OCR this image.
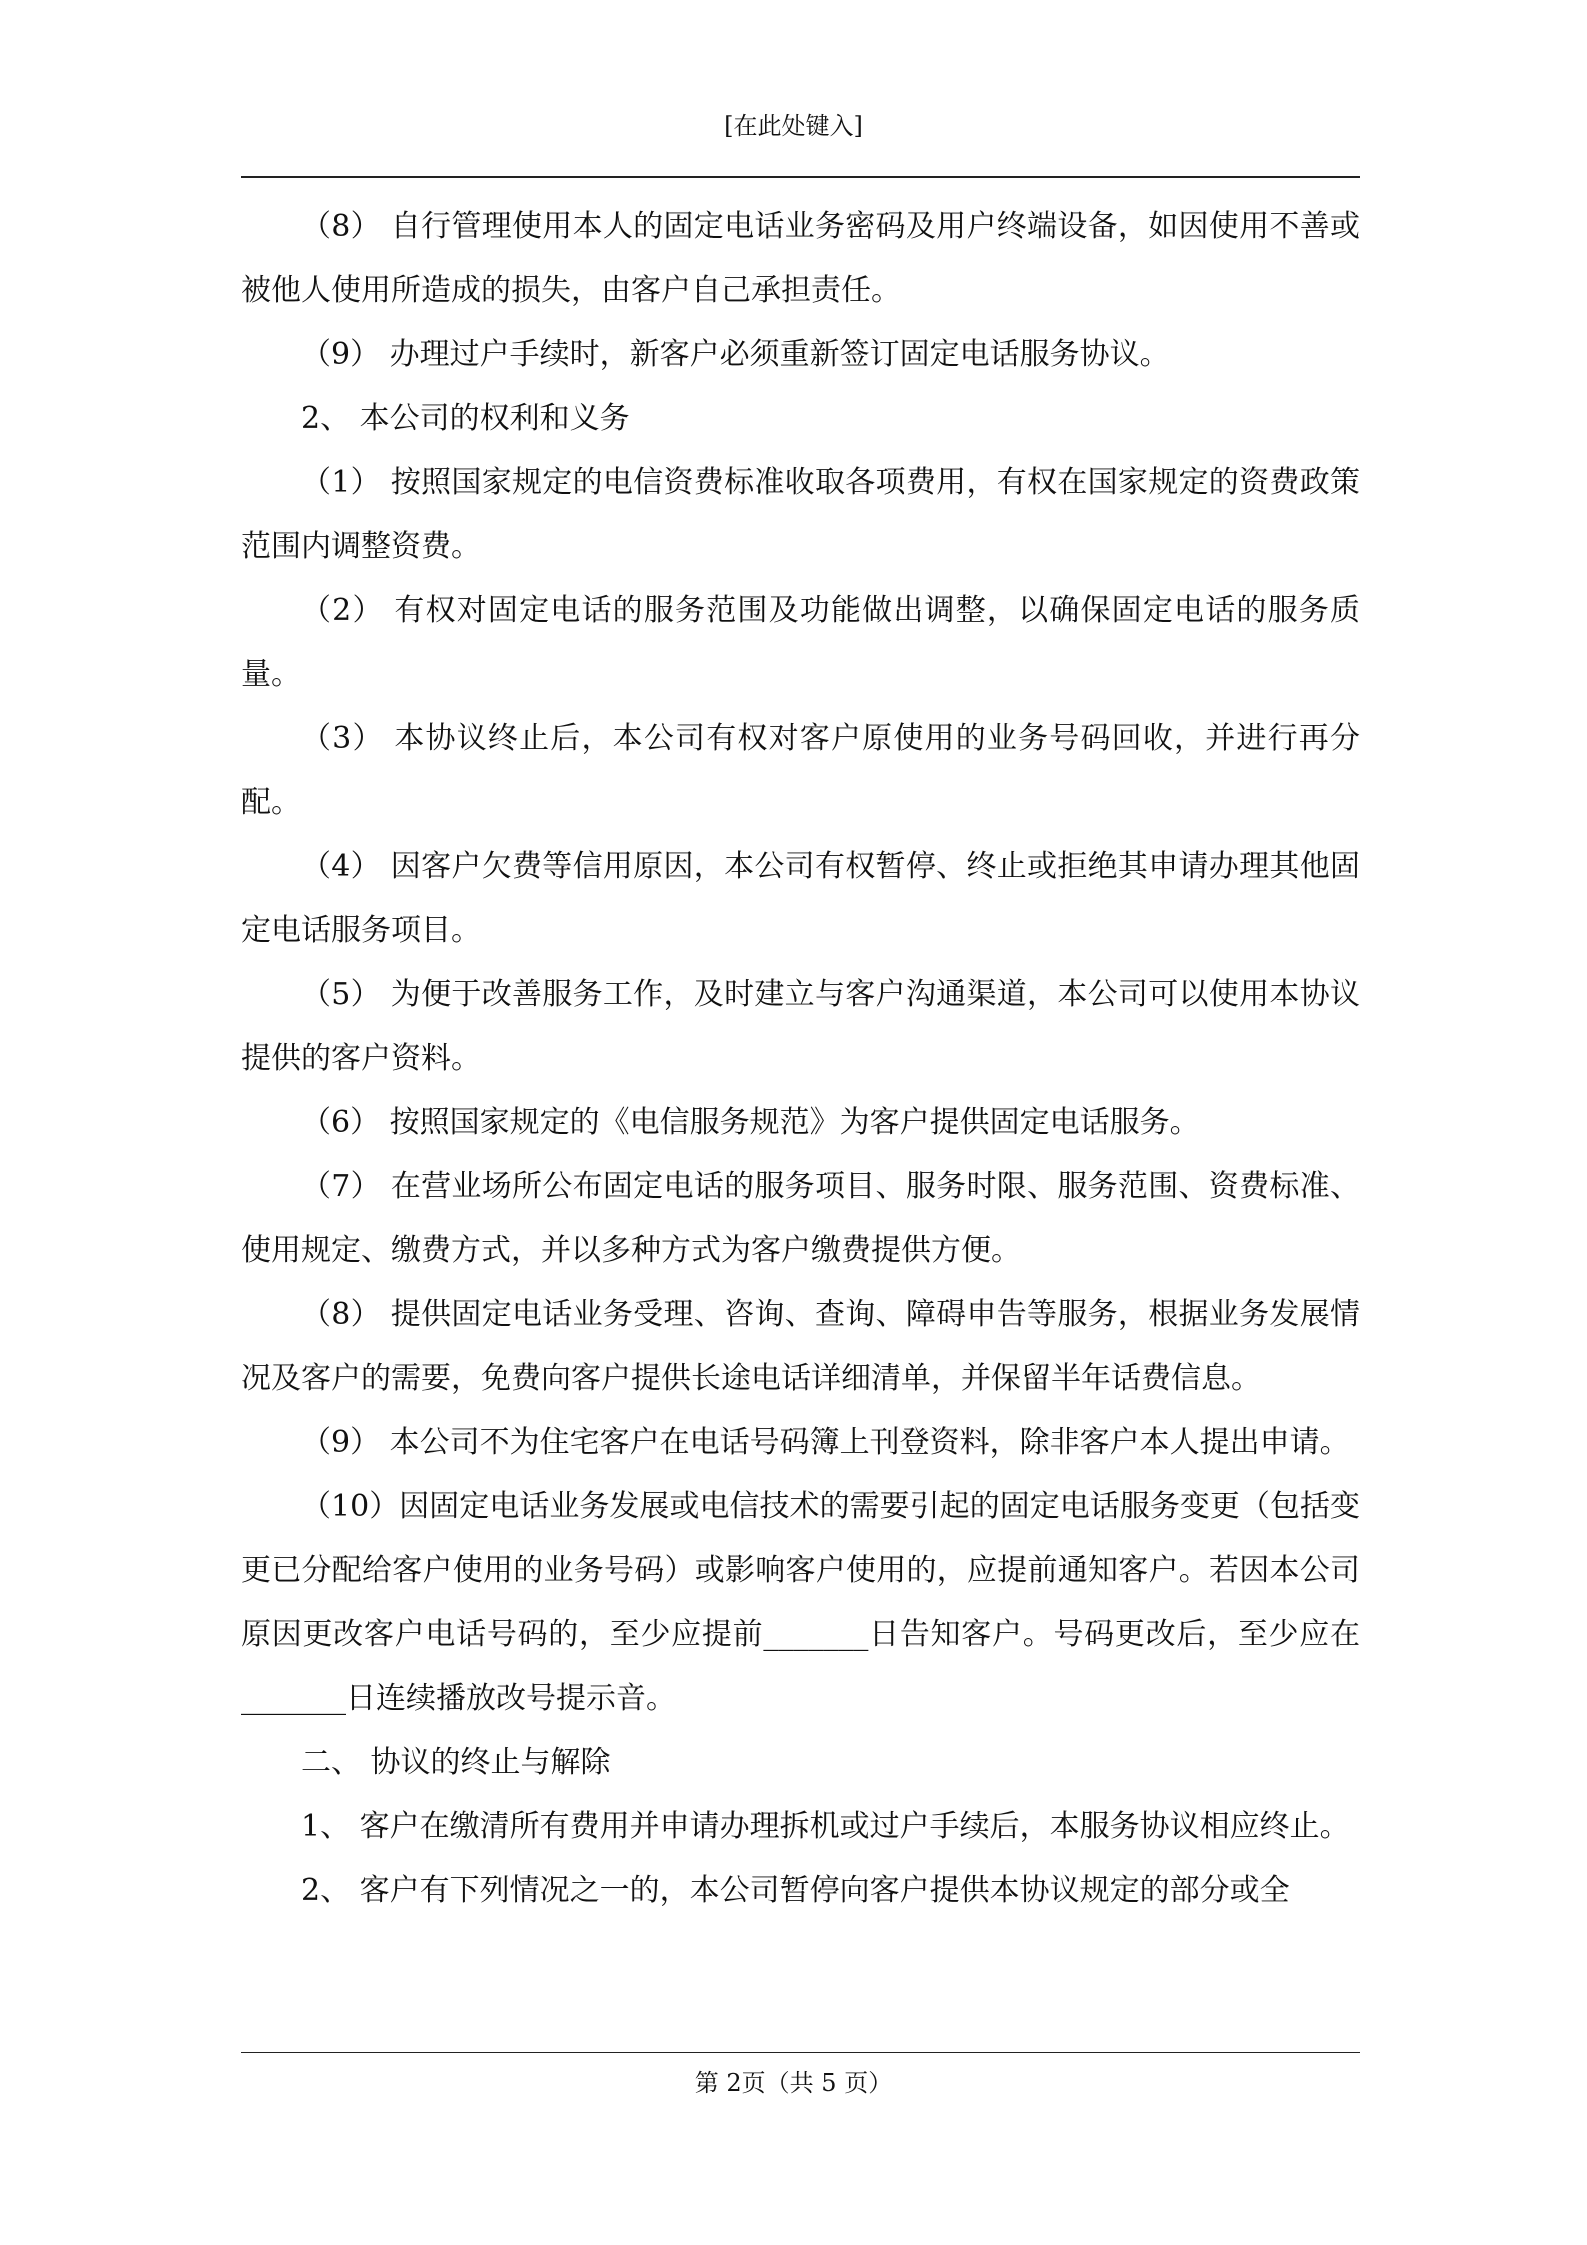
[在此处键入]

（8） 自行管理使用本人的固定电话业务密码及用户终端设备，如因使用不善或被他人使用所造成的损失，由客户自己承担责任。

（9） 办理过户手续时，新客户必须重新签订固定电话服务协议。

2、 本公司的权利和义务

（1） 按照国家规定的电信资费标准收取各项费用，有权在国家规定的资费政策范围内调整资费。

（2） 有权对固定电话的服务范围及功能做出调整，以确保固定电话的服务质量。

（3） 本协议终止后，本公司有权对客户原使用的业务号码回收，并进行再分配。

（4） 因客户欠费等信用原因，本公司有权暂停、终止或拒绝其申请办理其他固定电话服务项目。

（5） 为便于改善服务工作，及时建立与客户沟通渠道，本公司可以使用本协议提供的客户资料。

（6） 按照国家规定的《电信服务规范》为客户提供固定电话服务。

（7） 在营业场所公布固定电话的服务项目、服务时限、服务范围、资费标准、使用规定、缴费方式，并以多种方式为客户缴费提供方便。

（8） 提供固定电话业务受理、咨询、查询、障碍申告等服务，根据业务发展情况及客户的需要，免费向客户提供长途电话详细清单，并保留半年话费信息。

（9） 本公司不为住宅客户在电话号码簿上刊登资料，除非客户本人提出申请。

（10）因固定电话业务发展或电信技术的需要引起的固定电话服务变更（包括变更已分配给客户使用的业务号码）或影响客户使用的，应提前通知客户。若因本公司原因更改客户电话号码的，至少应提前_______日告知客户。号码更改后，至少应在_______日连续播放改号提示音。

二、 协议的终止与解除

1、 客户在缴清所有费用并申请办理拆机或过户手续后，本服务协议相应终止。

2、 客户有下列情况之一的，本公司暂停向客户提供本协议规定的部分或全

第 2页（共 5 页）
